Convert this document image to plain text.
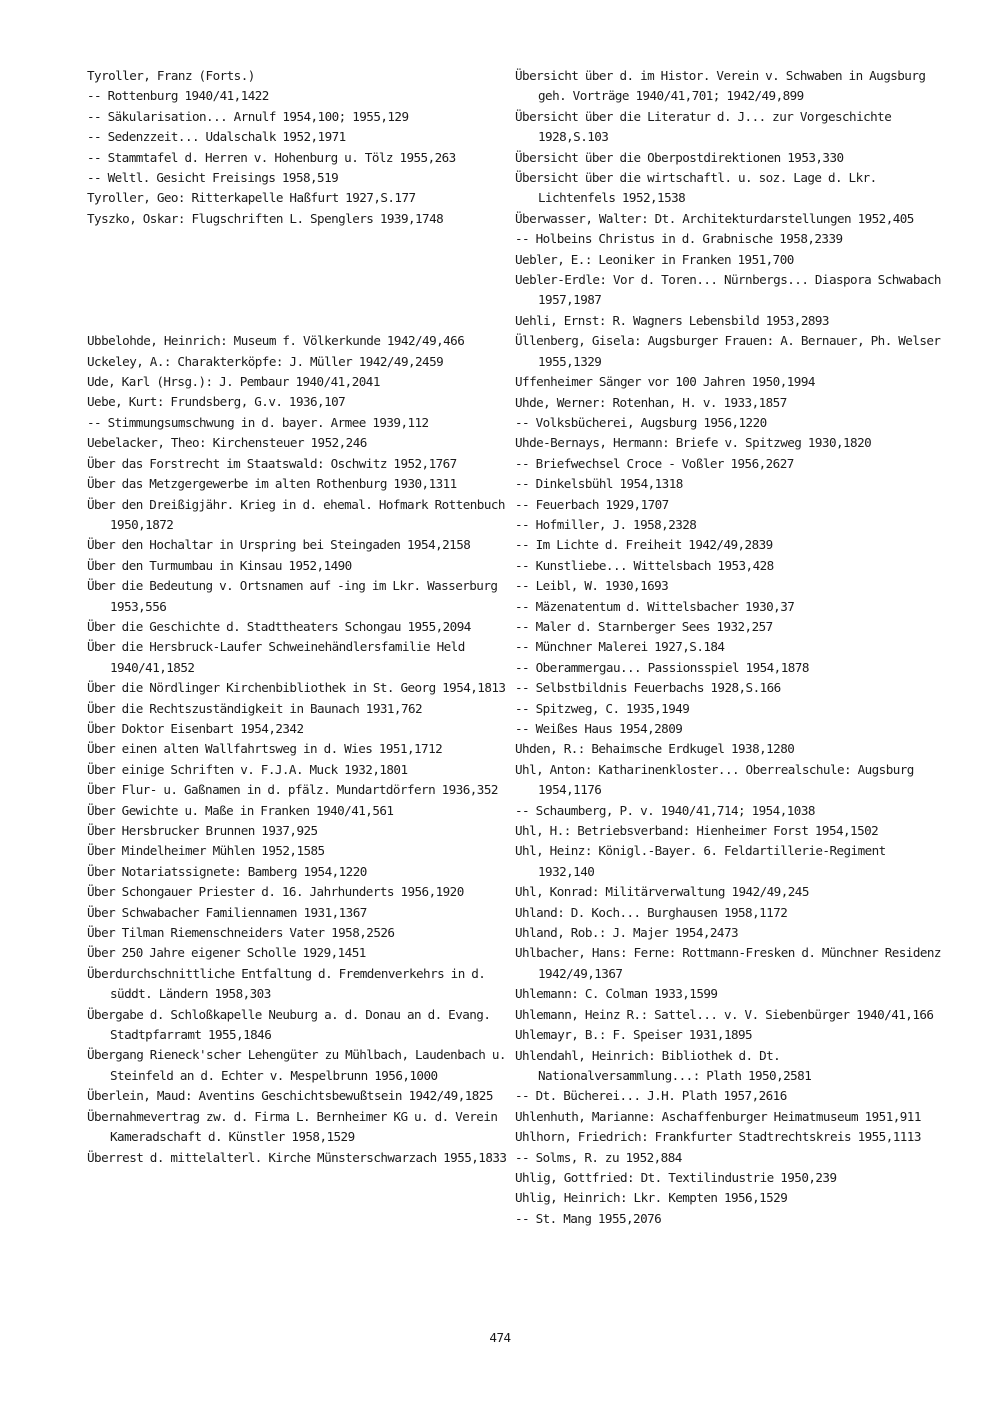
Tyroller, Franz (Forts.)
-- Rottenburg 1940/41,1422
-- Säkularisation... Arnulf 1954,100; 1955,129
-- Sedenzzeit... Udalschalk 1952,1971
-- Stammtafel d. Herren v. Hohenburg u. Tölz 1955,263
-- Weltl. Gesicht Freisings 1958,519
Tyroller, Geo: Ritterkapelle Haßfurt 1927,S.177
Tyszko, Oskar: Flugschriften L. Spenglers 1939,1748
Ubbelohde, Heinrich: Museum f. Völkerkunde 1942/49,466
Uckeley, A.: Charakterköpfe: J. Müller 1942/49,2459
Ude, Karl (Hrsg.): J. Pembaur 1940/41,2041
Uebe, Kurt: Frundsberg, G.v. 1936,107
-- Stimmungsumschwung in d. bayer. Armee 1939,112
Uebelacker, Theo: Kirchensteuer 1952,246
Über das Forstrecht im Staatswald: Oschwitz 1952,1767
Über das Metzgergewerbe im alten Rothenburg 1930,1311
Über den Dreißigjähr. Krieg in d. ehemal. Hofmark Rottenbuch 1950,1872
Über den Hochaltar in Urspring bei Steingaden 1954,2158
Über den Turmumbau in Kinsau 1952,1490
Über die Bedeutung v. Ortsnamen auf -ing im Lkr. Wasserburg 1953,556
Über die Geschichte d. Stadttheaters Schongau 1955,2094
Über die Hersbruck-Laufer Schweinehändlersfamilie Held 1940/41,1852
Über die Nördlinger Kirchenbibliothek in St. Georg 1954,1813
Über die Rechtszuständigkeit in Baunach 1931,762
Über Doktor Eisenbart 1954,2342
Über einen alten Wallfahrtsweg in d. Wies 1951,1712
Über einige Schriften v. F.J.A. Muck 1932,1801
Über Flur- u. Gaßnamen in d. pfälz. Mundartdörfern 1936,352
Über Gewichte u. Maße in Franken 1940/41,561
Über Hersbrucker Brunnen 1937,925
Über Mindelheimer Mühlen 1952,1585
Über Notariatssignete: Bamberg 1954,1220
Über Schongauer Priester d. 16. Jahrhunderts 1956,1920
Über Schwabacher Familiennamen 1931,1367
Über Tilman Riemenschneiders Vater 1958,2526
Über 250 Jahre eigener Scholle 1929,1451
Überdurchschnittliche Entfaltung d. Fremdenverkehrs in d. süddt. Ländern 1958,303
Übergabe d. Schloßkapelle Neuburg a. d. Donau an d. Evang. Stadtpfarramt 1955,1846
Übergang Rieneck'scher Lehengüter zu Mühlbach, Laudenbach u. Steinfeld an d. Echter v. Mespelbrunn 1956,1000
Überlein, Maud: Aventins Geschichtsbewußtsein 1942/49,1825
Übernahmevertrag zw. d. Firma L. Bernheimer KG u. d. Verein Kameradschaft d. Künstler 1958,1529
Überrest d. mittelalterl. Kirche Münsterschwarzach 1955,1833
Übersicht über d. im Histor. Verein v. Schwaben in Augsburg geh. Vorträge 1940/41,701; 1942/49,899
Übersicht über die Literatur d. J... zur Vorgeschichte 1928,S.103
Übersicht über die Oberpostdirektionen 1953,330
Übersicht über die wirtschaftl. u. soz. Lage d. Lkr. Lichtenfels 1952,1538
Überwasser, Walter: Dt. Architekturdarstellungen 1952,405
-- Holbeins Christus in d. Grabnische 1958,2339
Uebler, E.: Leoniker in Franken 1951,700
Uebler-Erdle: Vor d. Toren... Nürnbergs... Diaspora Schwabach 1957,1987
Uehli, Ernst: R. Wagners Lebensbild 1953,2893
Üllenberg, Gisela: Augsburger Frauen: A. Bernauer, Ph. Welser 1955,1329
Uffenheimer Sänger vor 100 Jahren 1950,1994
Uhde, Werner: Rotenhan, H. v. 1933,1857
-- Volksbücherei, Augsburg 1956,1220
Uhde-Bernays, Hermann: Briefe v. Spitzweg 1930,1820
-- Briefwechsel Croce - Voßler 1956,2627
-- Dinkelsbühl 1954,1318
-- Feuerbach 1929,1707
-- Hofmiller, J. 1958,2328
-- Im Lichte d. Freiheit 1942/49,2839
-- Kunstliebe... Wittelsbach 1953,428
-- Leibl, W. 1930,1693
-- Mäzenatentum d. Wittelsbacher 1930,37
-- Maler d. Starnberger Sees 1932,257
-- Münchner Malerei 1927,S.184
-- Oberammergau... Passionsspiel 1954,1878
-- Selbstbildnis Feuerbachs 1928,S.166
-- Spitzweg, C. 1935,1949
-- Weißes Haus 1954,2809
Uhden, R.: Behaimsche Erdkugel 1938,1280
Uhl, Anton: Katharinenkloster... Oberrealschule: Augsburg 1954,1176
-- Schaumberg, P. v. 1940/41,714; 1954,1038
Uhl, H.: Betriebsverband: Hienheimer Forst 1954,1502
Uhl, Heinz: Königl.-Bayer. 6. Feldartillerie-Regiment 1932,140
Uhl, Konrad: Militärverwaltung 1942/49,245
Uhland: D. Koch... Burghausen 1958,1172
Uhland, Rob.: J. Majer 1954,2473
Uhlbacher, Hans: Ferne: Rottmann-Fresken d. Münchner Residenz 1942/49,1367
Uhlemann: C. Colman 1933,1599
Uhlemann, Heinz R.: Sattel... v. V. Siebenbürger 1940/41,166
Uhlemayr, B.: F. Speiser 1931,1895
Uhlendahl, Heinrich: Bibliothek d. Dt. Nationalversammlung...: Plath 1950,2581
-- Dt. Bücherei... J.H. Plath 1957,2616
Uhlenhuth, Marianne: Aschaffenburger Heimatmuseum 1951,911
Uhlhorn, Friedrich: Frankfurter Stadtrechtskreis 1955,1113
-- Solms, R. zu 1952,884
Uhlig, Gottfried: Dt. Textilindustrie 1950,239
Uhlig, Heinrich: Lkr. Kempten 1956,1529
-- St. Mang 1955,2076
474
